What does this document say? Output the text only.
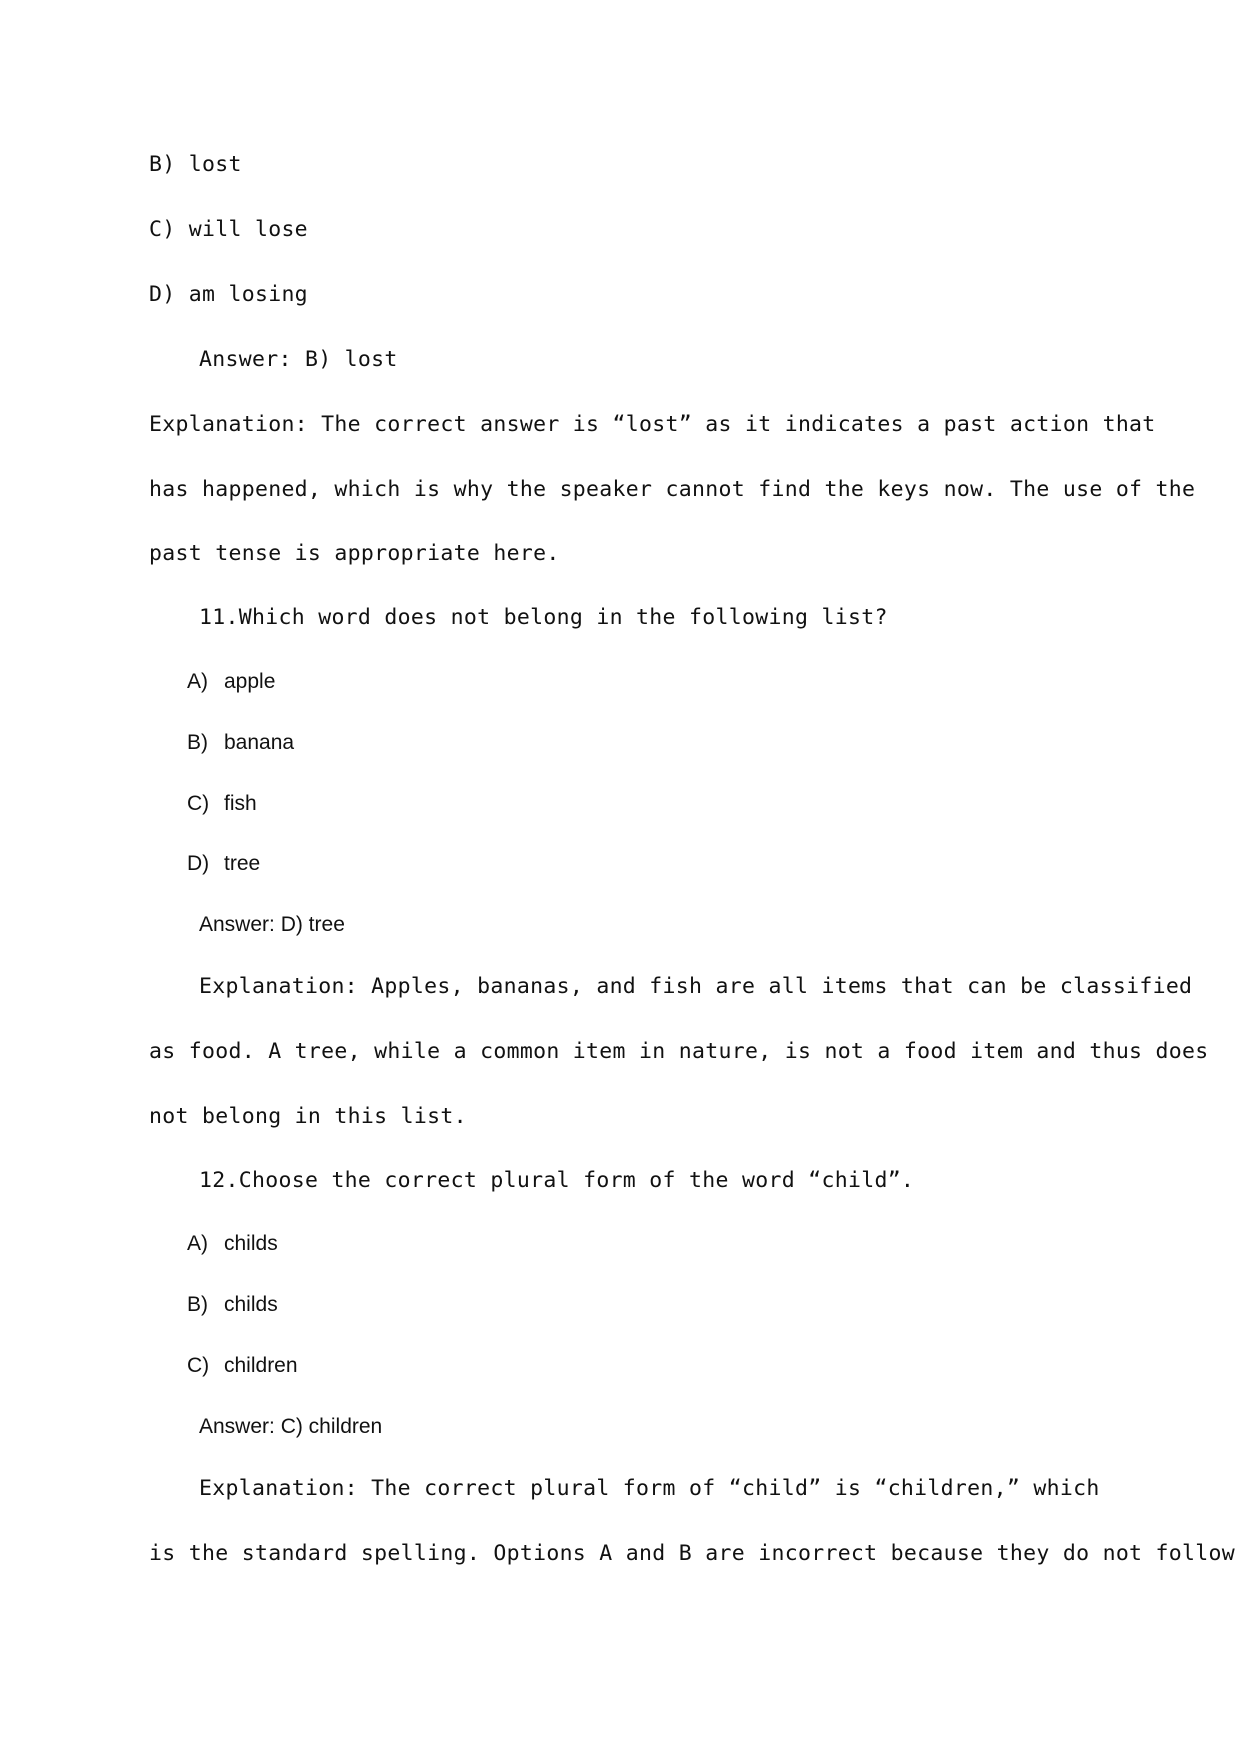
B) lost
C) will lose
D) am losing
Answer: B) lost
Explanation: The correct answer is “lost” as it indicates a past action that
has happened, which is why the speaker cannot find the keys now. The use of the
past tense is appropriate here.
11.Which word does not belong in the following list?
A) apple
B) banana
C) fish
D) tree
Answer: D) tree
Explanation: Apples, bananas, and fish are all items that can be classified
as food. A tree, while a common item in nature, is not a food item and thus does
not belong in this list.
12.Choose the correct plural form of the word “child”.
A) childs
B) childs
C) children
Answer: C) children
Explanation: The correct plural form of “child” is “children,” which
is the standard spelling. Options A and B are incorrect because they do not follow
